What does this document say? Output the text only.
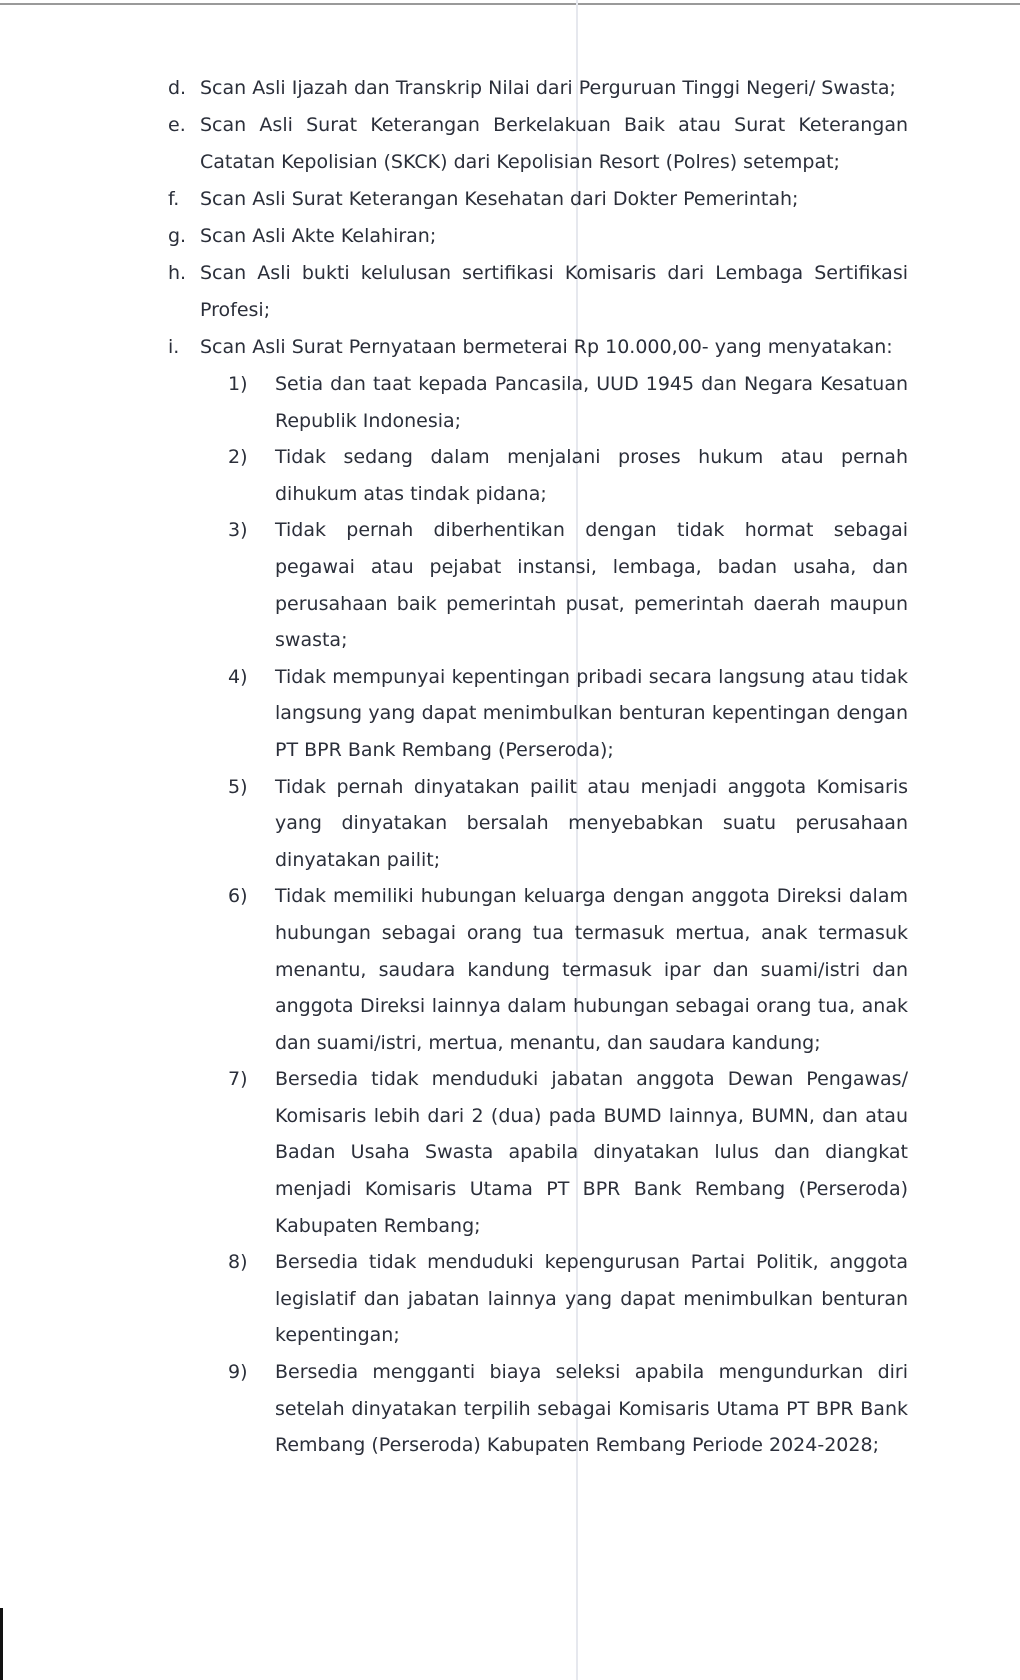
d. Scan Asli Ijazah dan Transkrip Nilai dari Perguruan Tinggi Negeri/ Swasta;
e. Scan Asli Surat Keterangan Berkelakuan Baik atau Surat Keterangan Catatan Kepolisian (SKCK) dari Kepolisian Resort (Polres) setempat;
f. Scan Asli Surat Keterangan Kesehatan dari Dokter Pemerintah;
g. Scan Asli Akte Kelahiran;
h. Scan Asli bukti kelulusan sertifikasi Komisaris dari Lembaga Sertifikasi Profesi;
i. Scan Asli Surat Pernyataan bermeterai Rp 10.000,00- yang menyatakan:
1) Setia dan taat kepada Pancasila, UUD 1945 dan Negara Kesatuan Republik Indonesia;
2) Tidak sedang dalam menjalani proses hukum atau pernah dihukum atas tindak pidana;
3) Tidak pernah diberhentikan dengan tidak hormat sebagai pegawai atau pejabat instansi, lembaga, badan usaha, dan perusahaan baik pemerintah pusat, pemerintah daerah maupun swasta;
4) Tidak mempunyai kepentingan pribadi secara langsung atau tidak langsung yang dapat menimbulkan benturan kepentingan dengan PT BPR Bank Rembang (Perseroda);
5) Tidak pernah dinyatakan pailit atau menjadi anggota Komisaris yang dinyatakan bersalah menyebabkan suatu perusahaan dinyatakan pailit;
6) Tidak memiliki hubungan keluarga dengan anggota Direksi dalam hubungan sebagai orang tua termasuk mertua, anak termasuk menantu, saudara kandung termasuk ipar dan suami/istri dan anggota Direksi lainnya dalam hubungan sebagai orang tua, anak dan suami/istri, mertua, menantu, dan saudara kandung;
7) Bersedia tidak menduduki jabatan anggota Dewan Pengawas/ Komisaris lebih dari 2 (dua) pada BUMD lainnya, BUMN, dan atau Badan Usaha Swasta apabila dinyatakan lulus dan diangkat menjadi Komisaris Utama PT BPR Bank Rembang (Perseroda) Kabupaten Rembang;
8) Bersedia tidak menduduki kepengurusan Partai Politik, anggota legislatif dan jabatan lainnya yang dapat menimbulkan benturan kepentingan;
9) Bersedia mengganti biaya seleksi apabila mengundurkan diri setelah dinyatakan terpilih sebagai Komisaris Utama PT BPR Bank Rembang (Perseroda) Kabupaten Rembang Periode 2024-2028;
